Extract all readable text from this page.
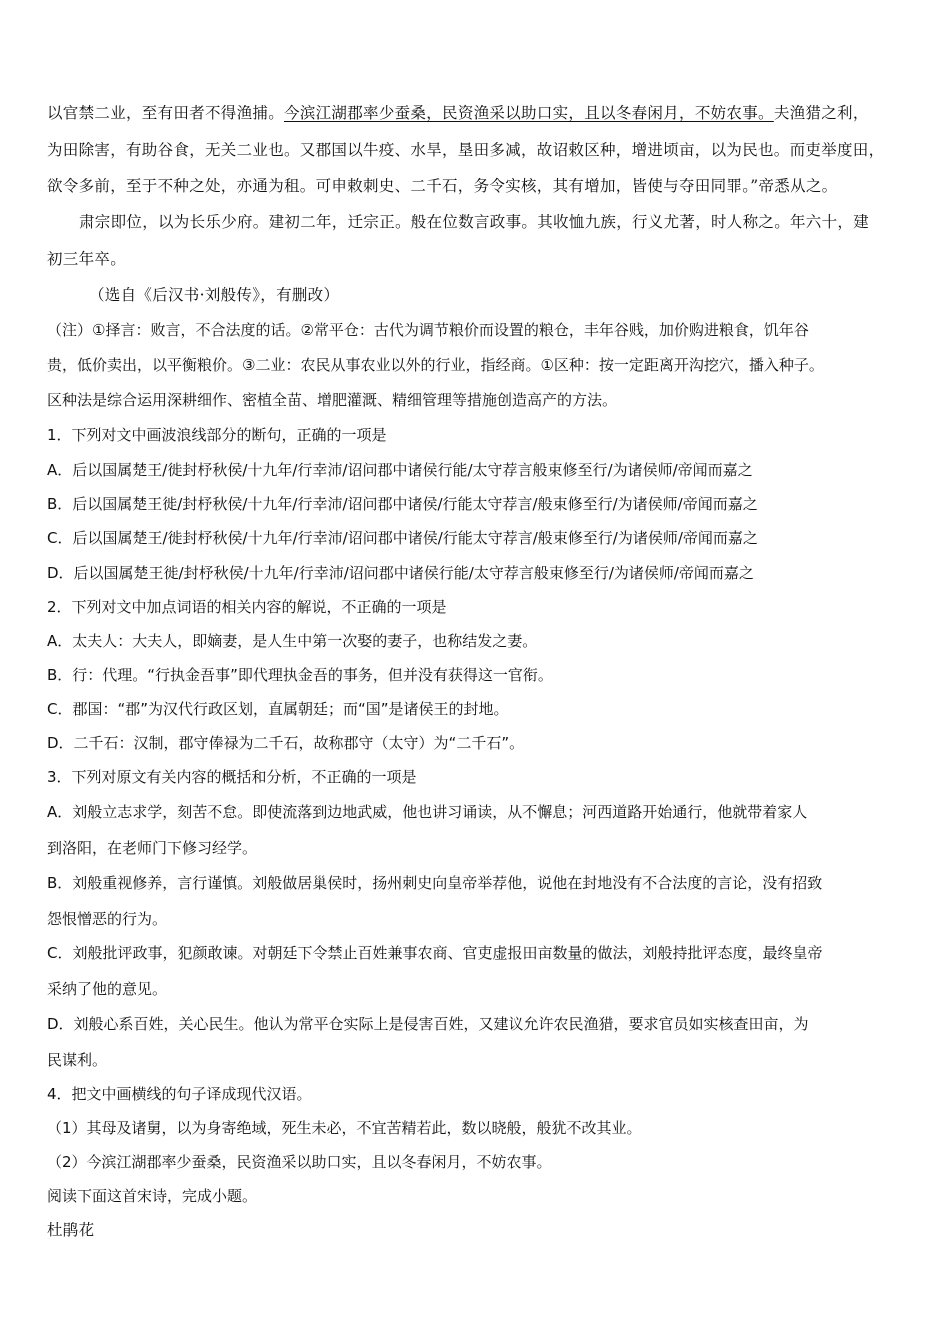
以官禁二业，至有田者不得渔捕。今滨江湖郡率少蚕桑，民资渔采以助口实，且以冬春闲月，不妨农事。夫渔猎之利，
为田除害，有助谷食，无关二业也。又郡国以牛疫、水旱，垦田多减，故诏敕区种，增进顷亩，以为民也。而吏举度田，
欲令多前，至于不种之处，亦通为租。可申敕刺史、二千石，务令实核，其有增加，皆使与夺田同罪。”帝悉从之。
肃宗即位，以为长乐少府。建初二年，迁宗正。般在位数言政事。其收恤九族，行义尤著，时人称之。年六十，建
初三年卒。
（选自《后汉书·刘般传》，有删改）
（注）①择言：败言，不合法度的话。②常平仓：古代为调节粮价而设置的粮仓，丰年谷贱，加价购进粮食，饥年谷
贵，低价卖出，以平衡粮价。③二业：农民从事农业以外的行业，指经商。①区种：按一定距离开沟挖穴，播入种子。
区种法是综合运用深耕细作、密植全苗、增肥灌溉、精细管理等措施创造高产的方法。
1．下列对文中画波浪线部分的断句，正确的一项是
A．后以国属楚王/徙封杼秋侯/十九年/行幸沛/诏问郡中诸侯行能/太守荐言般束修至行/为诸侯师/帝闻而嘉之
B．后以国属楚王徙/封杼秋侯/十九年/行幸沛/诏问郡中诸侯/行能太守荐言/般束修至行/为诸侯师/帝闻而嘉之
C．后以国属楚王/徙封杼秋侯/十九年/行幸沛/诏问郡中诸侯/行能太守荐言/般束修至行/为诸侯师/帝闻而嘉之
D．后以国属楚王徙/封杼秋侯/十九年/行幸沛/诏问郡中诸侯行能/太守荐言般束修至行/为诸侯师/帝闻而嘉之
2．下列对文中加点词语的相关内容的解说，不正确的一项是
A．太夫人：大夫人，即嫡妻，是人生中第一次娶的妻子，也称结发之妻。
B．行：代理。“行执金吾事”即代理执金吾的事务，但并没有获得这一官衔。
C．郡国：“郡”为汉代行政区划，直属朝廷；而“国”是诸侯王的封地。
D．二千石：汉制，郡守俸禄为二千石，故称郡守（太守）为“二千石”。
3．下列对原文有关内容的概括和分析，不正确的一项是
A．刘般立志求学，刻苦不怠。即使流落到边地武威，他也讲习诵读，从不懈息；河西道路开始通行，他就带着家人
到洛阳，在老师门下修习经学。
B．刘般重视修养，言行谨慎。刘般做居巢侯时，扬州刺史向皇帝举荐他，说他在封地没有不合法度的言论，没有招致
怨恨憎恶的行为。
C．刘般批评政事，犯颜敢谏。对朝廷下令禁止百姓兼事农商、官吏虚报田亩数量的做法，刘般持批评态度，最终皇帝
采纳了他的意见。
D．刘般心系百姓，关心民生。他认为常平仓实际上是侵害百姓，又建议允许农民渔猎，要求官员如实核查田亩，为
民谋利。
4．把文中画横线的句子译成现代汉语。
（1）其母及诸舅，以为身寄绝域，死生未必，不宜苦精若此，数以晓般，般犹不改其业。
（2）今滨江湖郡率少蚕桑，民资渔采以助口实，且以冬春闲月，不妨农事。
阅读下面这首宋诗，完成小题。
杜鹃花
